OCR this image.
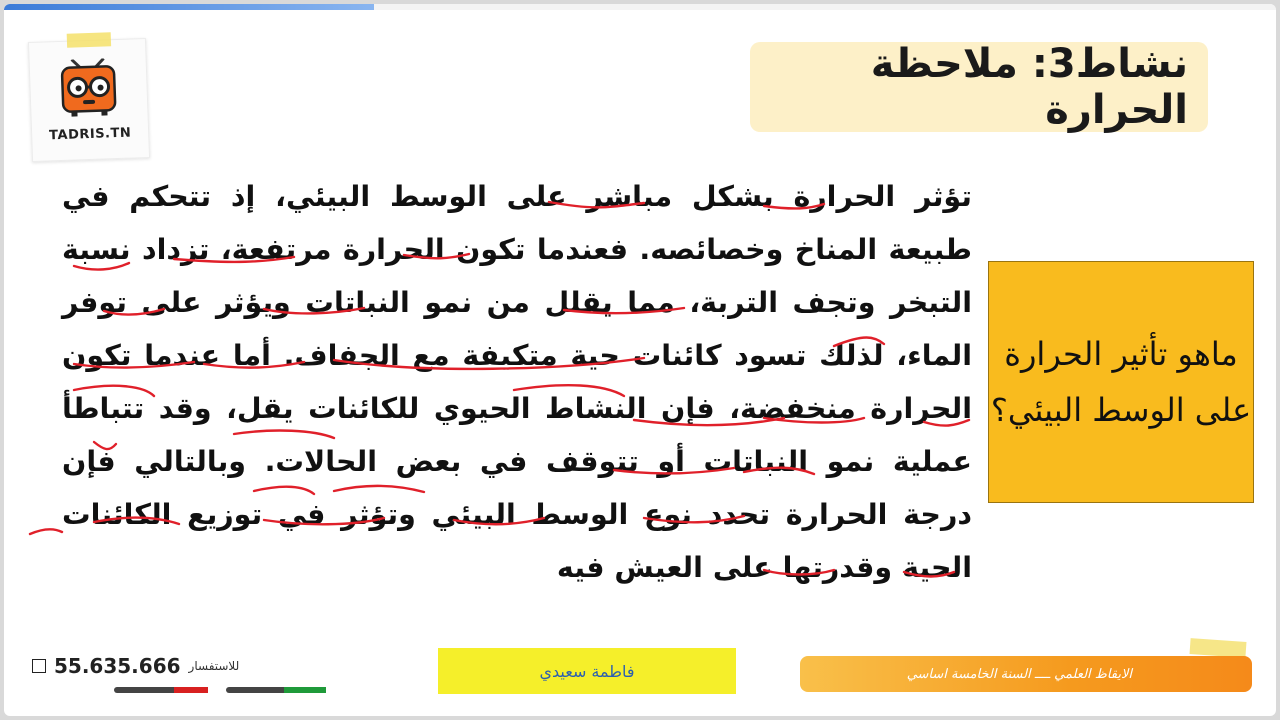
TADRIS.TN
نشاط3: ملاحظة الحرارة
تؤثر الحرارة بشكل مباشر على الوسط البيئي، إذ تتحكم في طبيعة المناخ وخصائصه. فعندما تكون الحرارة مرتفعة، تزداد نسبة التبخر وتجف التربة، مما يقلل من نمو النباتات ويؤثر على توفر الماء، لذلك تسود كائنات حية متكيفة مع الجفاف. أما عندما تكون الحرارة منخفضة، فإن النشاط الحيوي للكائنات يقل، وقد تتباطأ عملية نمو النباتات أو تتوقف في بعض الحالات. وبالتالي فإن درجة الحرارة تحدد نوع الوسط البيئي وتؤثر في توزيع الكائنات الحية وقدرتها على العيش فيه
ماهو تأثير الحرارة على الوسط البيئي؟
55.635.666 للاستفسار	فاطمة سعيدي	الايقاظ العلمي ــــ السنة الخامسة اساسي
